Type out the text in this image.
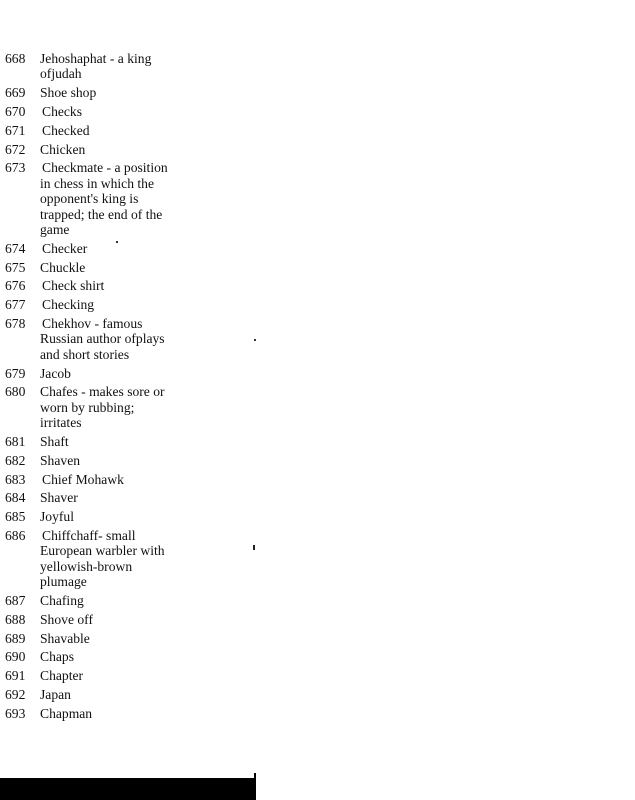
668	Jehoshaphat - a king ofjudah
669	Shoe shop
670	Checks
671	Checked
672	Chicken
673	Checkmate - a position in chess in which the opponent's king is trapped; the end of the game
674	Checker
675	Chuckle
676	Check shirt
677	Checking
678	Chekhov - famous Russian author ofplays and short stories
679	Jacob
680	Chafes - makes sore or worn by rubbing; irritates
681	Shaft
682	Shaven
683	Chief Mohawk
684	Shaver
685	Joyful
686	Chiffchaff- small European warbler with yellowish-brown plumage
687	Chafing
688	Shove off
689	Shavable
690	Chaps
691	Chapter
692	Japan
693	Chapman
